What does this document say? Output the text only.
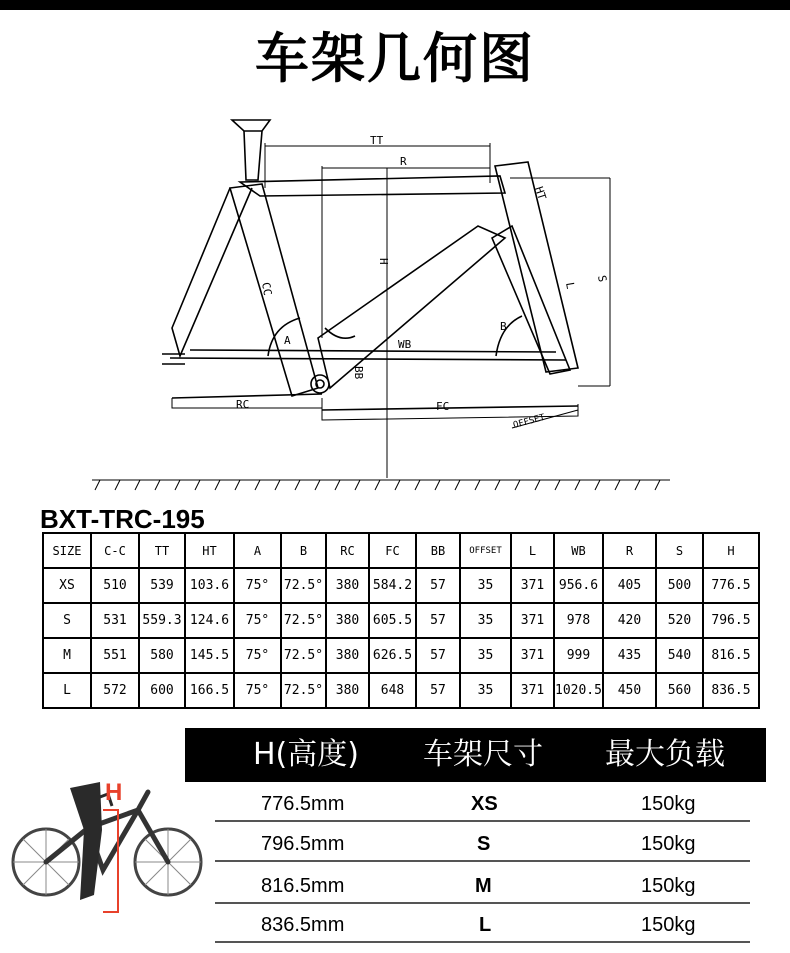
车架几何图
TT
R
HT
H
S
L
CC
A
B
WB
BB
RC	FC
OFFSET
BXT-TRC-195
SIZE	C-C	TT	HT	A	B	RC	FC	BB	OFFSET	L	WB	R	S	H
XS	510	539	103.6	75°	72.5°	380	584.2	57	35	371	956.6	405	500	776.5
S	531	559.3	124.6	75°	72.5°	380	605.5	57	35	371	978	420	520	796.5
M	551	580	145.5	75°	72.5°	380	626.5	57	35	371	999	435	540	816.5
L	572	600	166.5	75°	72.5°	380	648	57	35	371	1020.5	450	560	836.5
H(高度) 车架尺寸 最大负载
776.5mm	XS	150kg
796.5mm	S	150kg
816.5mm	M	150kg
836.5mm	L	150kg
H
